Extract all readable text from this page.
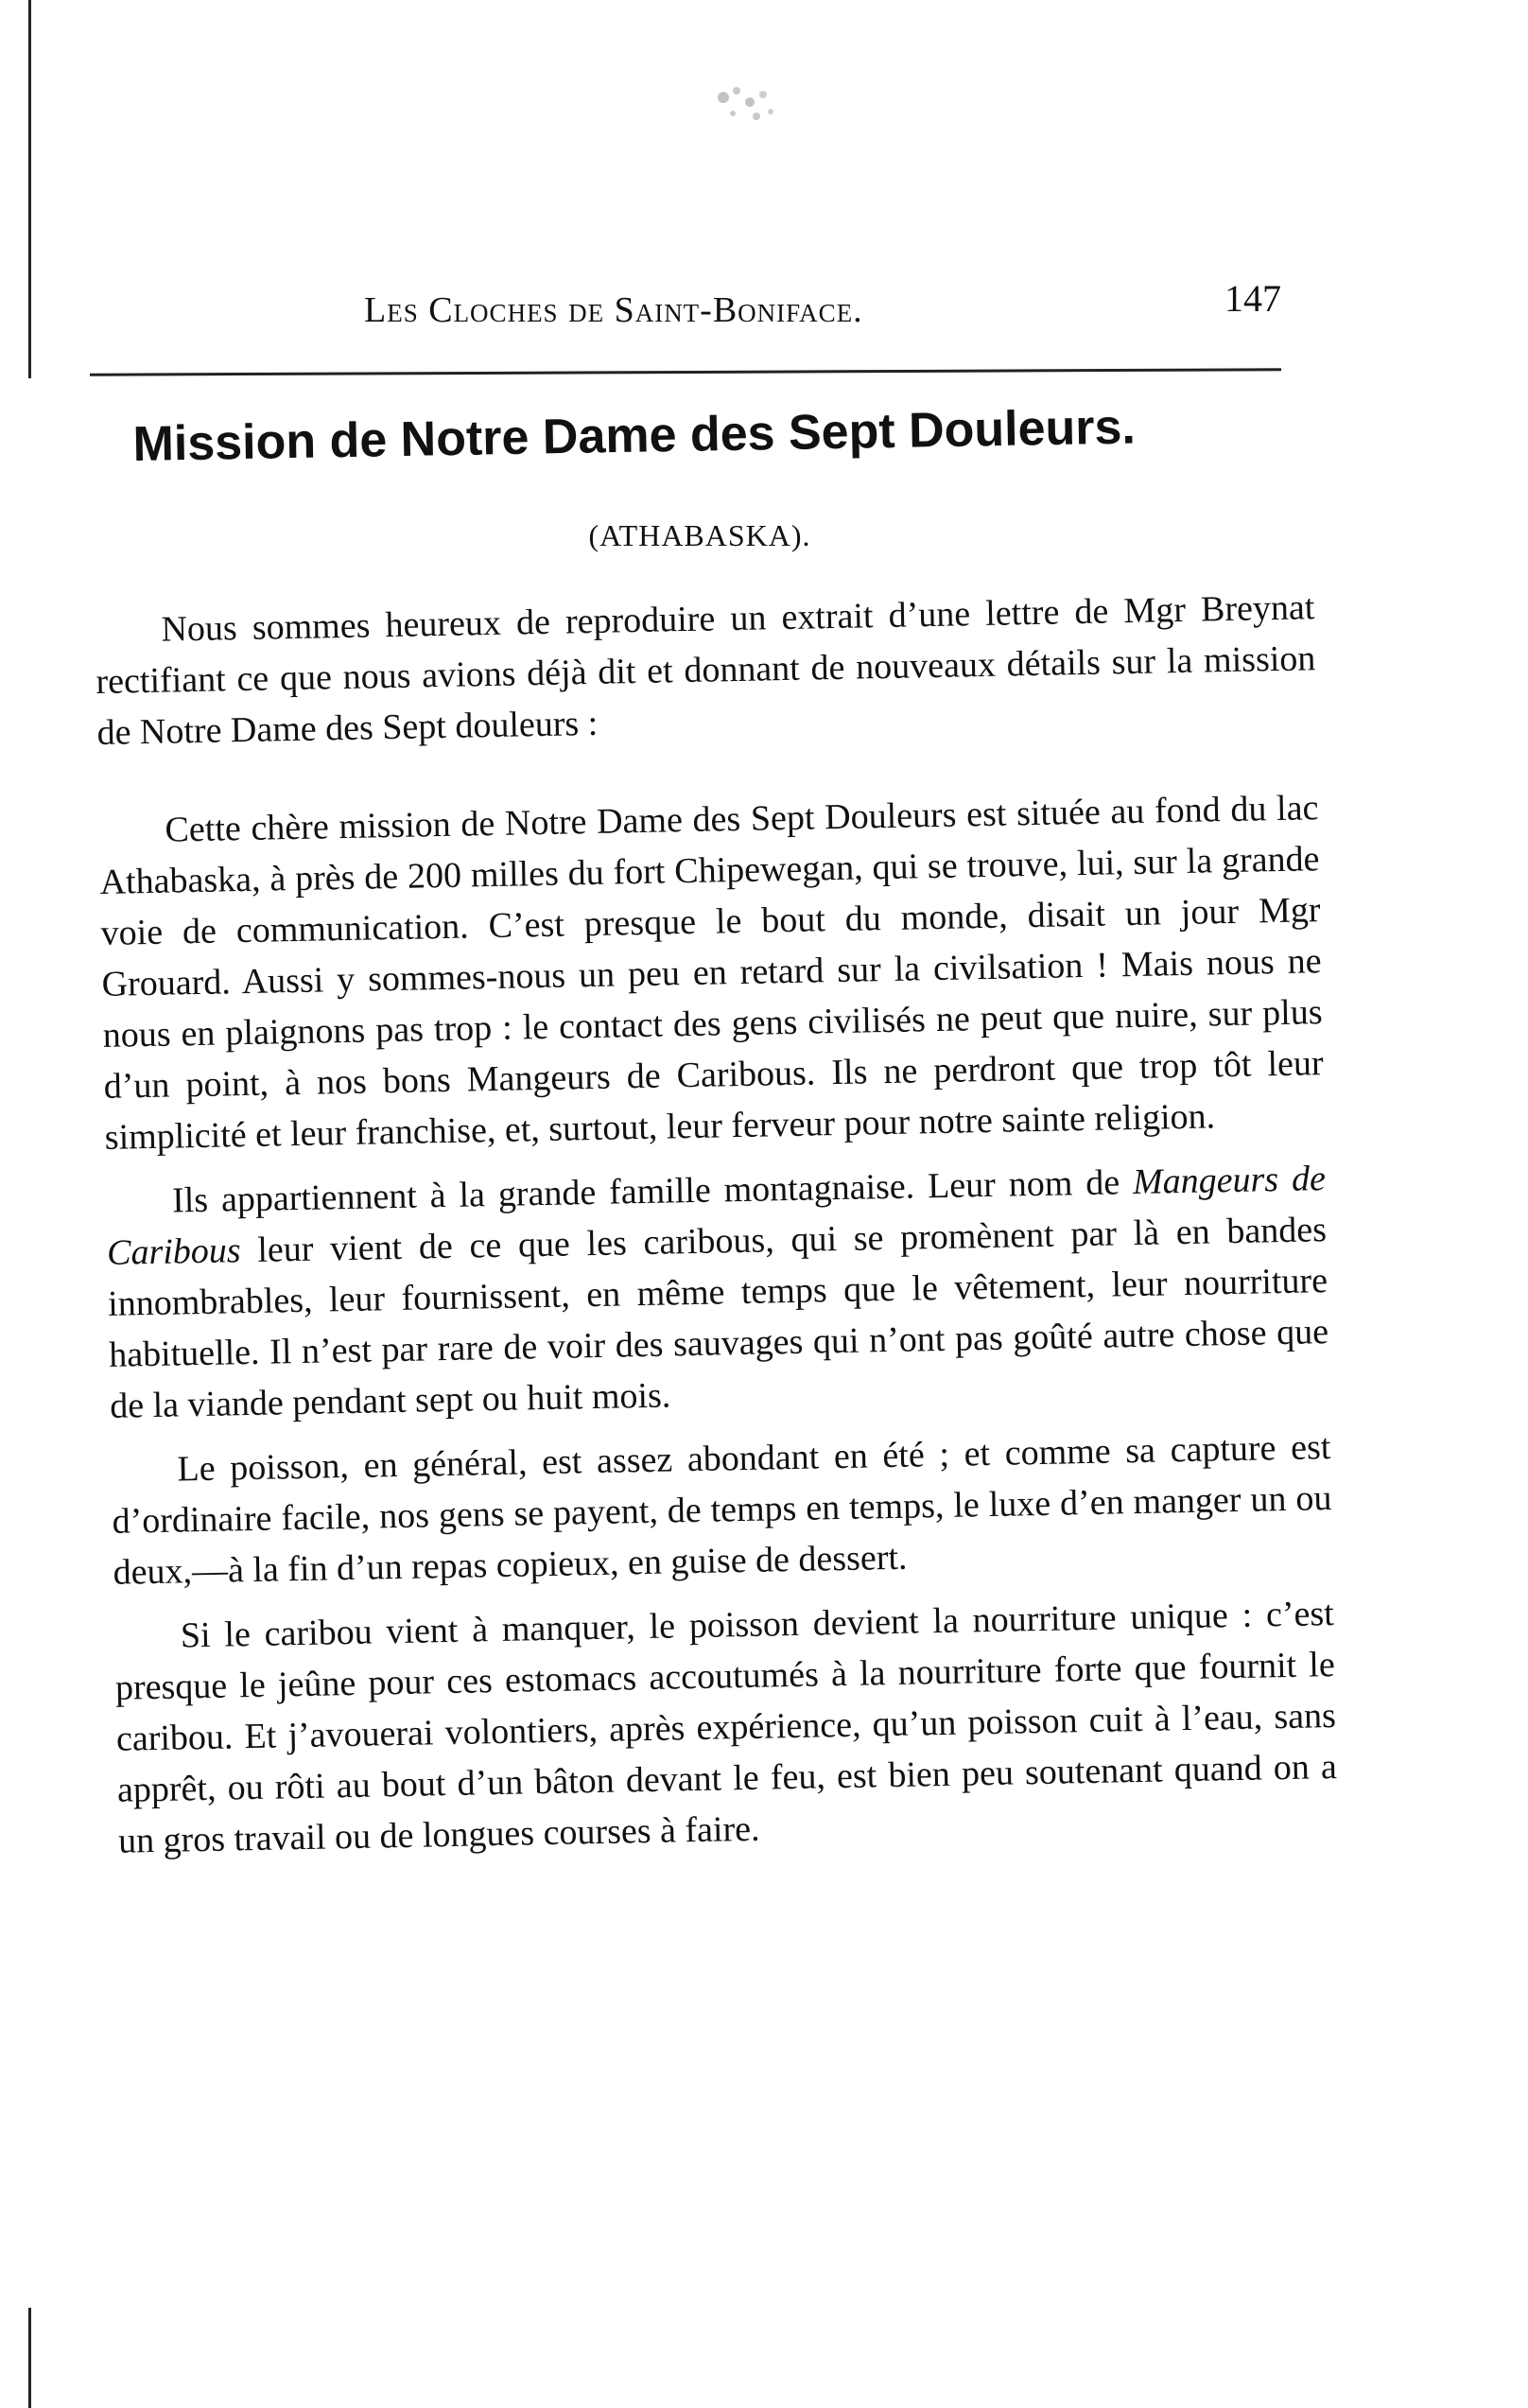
Les Cloches de Saint-Boniface.	147
Mission de Notre Dame des Sept Douleurs.
(ATHABASKA).

Nous sommes heureux de reproduire un extrait d’une lettre de Mgr Breynat rectifiant ce que nous avions déjà dit et donnant de nouveaux détails sur la mission de Notre Dame des Sept douleurs :

Cette chère mission de Notre Dame des Sept Douleurs est située au fond du lac Athabaska, à près de 200 milles du fort Chipewegan, qui se trouve, lui, sur la grande voie de communication. C’est presque le bout du monde, disait un jour Mgr Grouard. Aussi y sommes-nous un peu en retard sur la civilsation ! Mais nous ne nous en plaignons pas trop : le contact des gens civilisés ne peut que nuire, sur plus d’un point, à nos bons Mangeurs de Caribous. Ils ne perdront que trop tôt leur simplicité et leur franchise, et, surtout, leur ferveur pour notre sainte religion.

Ils appartiennent à la grande famille montagnaise. Leur nom de Mangeurs de Caribous leur vient de ce que les caribous, qui se promènent par là en bandes innombrables, leur fournissent, en même temps que le vêtement, leur nourriture habituelle. Il n’est par rare de voir des sauvages qui n’ont pas goûté autre chose que de la viande pendant sept ou huit mois.

Le poisson, en général, est assez abondant en été ; et comme sa capture est d’ordinaire facile, nos gens se payent, de temps en temps, le luxe d’en manger un ou deux,—à la fin d’un repas copieux, en guise de dessert.

Si le caribou vient à manquer, le poisson devient la nourriture unique : c’est presque le jeûne pour ces estomacs accoutumés à la nourriture forte que fournit le caribou. Et j’avouerai volontiers, après expérience, qu’un poisson cuit à l’eau, sans apprêt, ou rôti au bout d’un bâton devant le feu, est bien peu soutenant quand on a un gros travail ou de longues courses à faire.
